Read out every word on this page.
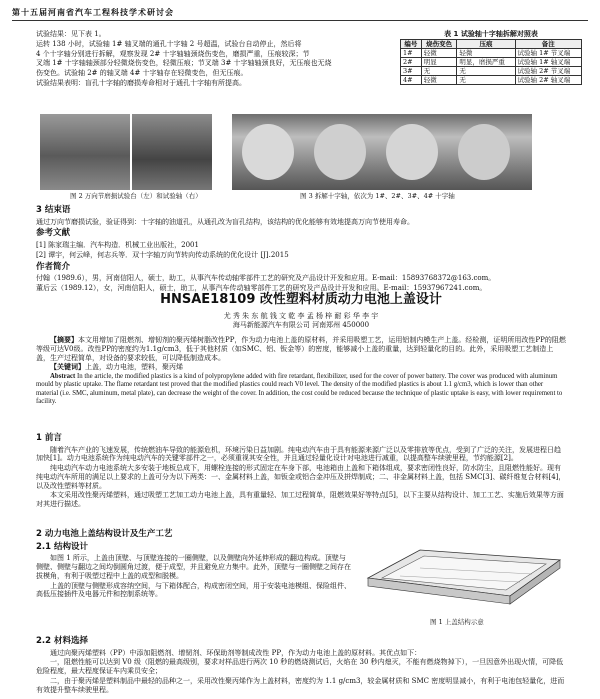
第十五届河南省汽车工程科技学术研讨会

试验结果：见下表 1。

运转 138 小时，试验轴 1# 轴叉端的通孔十字轴 2 号超温，试验台自动停止，然后将

4 个十字轴分别进行拆解，观察发现 2# 十字轴轴颈烧伤变色，磨损严重，压痕较深；节

叉端 1# 十字轴轴颈部分轻微烧伤变色，轻微压痕；节叉端 3# 十字轴轴颈良好，无压痕也无烧

伤变色。试验轴 2# 的轴叉端 4# 十字轴存在轻微变色，但无压痕。

试验结果表明：盲孔十字轴的磨损寿命相对于通孔十字轴有所提高。

表 1 试验轴十字轴拆解对照表
编号	烧伤变色	压痕	备注
1#	轻微	轻微	试验轴 1# 节叉端
2#	明显	明显，磨损严重	试验轴 1# 轴叉端
3#	无	无	试验轴 2# 节叉端
4#	轻微	无	试验轴 2# 轴叉端
图 2 万向节磨损试验台（左）和试验轴（右）	图 3 拆解十字轴，依次为 1#、2#、3#、4# 十字轴
3 结束语

通过万向节磨损试验，验证得到：十字轴的油道孔，从通孔改为盲孔结构，该结构的优化能够有效地提高万向节使用寿命。

参考文献

[1] 陈家瑞主编．汽车构造．机械工业出版社，2001

[2] 谭宇，何云峰，何志兵等．双十字轴万向节转向传动系统的优化设计 [J].2015

作者简介

付翰（1989.6），男，河南信阳人，硕士，助工，从事汽车传动轴零部件工艺的研究及产品设计开发和应用。E-mail：15893768372@163.com。

董后云（1989.12），女，河南信阳人，硕士，助工，从事汽车传动轴零部件工艺的研究及产品设计开发和应用。E-mail：15937967241.com。

HNSAE18109 改性塑料材质动力电池上盖设计
尤 秀 朱 东 航 钱 文 乾 李 孟 杨 梓 耐 彩 华 李 宇
海马新能源汽车有限公司 河南郑州 450000

【摘要】本文用增加了阻燃剂、增韧剂的聚丙烯树脂改性PP，作为动力电池上盖的原材料，并采用吸塑工艺，运用铝制内模生产上盖。经检测，证明所用改性PP的阻燃等级可达V0级。改性PP的密度约为1.1g/cm3，低于其他材质（如SMC、铝、钣金等）的密度，能够减小上盖的重量，达到轻量化的目的。此外，采用吸塑工艺制造上盖，生产过程简单，对设备的要求较低，可以降低制造成本。

【关键词】上盖，动力电池，塑料，聚丙烯

Abstract In the article, the modified plastics is a kind of polypropylene added with fire retardant, flexibilizer, used for the cover of power battery. The cover was produced with aluminum mould by plastic uptake. The flame retardant test proved that the modified plastics could reach V0 level. The density of the modified plastics is about 1.1 g/cm3, which is lower than other material (i.e. SMC, aluminum, metal plate), can decrease the weight of the cover. In addition, the cost could be reduced because the technique of plastic uptake is easy, with lower requirement to facility.

1 前言

随着汽车产业的飞速发展，传统燃油车导致的能源危机，环境污染日益加剧。纯电动汽车由于具有能源来源广泛以及零排放等优点，受到了广泛的关注，发展进程日趋加快[1]。动力电池系统作为纯电动汽车的关键零部件之一，必须重视其安全性，并且通过轻量化设计对电池进行减重，以提高整车续驶里程，节约能源[2]。

纯电动汽车动力电池系统大多安装于地板总成下，用螺栓连接的形式固定在车身下部，电池箱由上盖和下箱体组成，要求密闭性良好，防水防尘，且阻燃性能好。现有纯电动汽车所用的满足以上要求的上盖可分为以下两类：一、金属材料上盖，如钣金或铝合金冲压及拼焊制成；二、非金属材料上盖，包括 SMC[3]、碳纤维复合材料[4]，以及改性塑料等材质。

本文采用改性聚丙烯塑料，通过吸塑工艺加工动力电池上盖，具有重量轻、加工过程简单，阻燃效果好等特点[5]，以下主要从结构设计、加工工艺、实施后效果等方面对其进行描述。

2 动力电池上盖结构设计及生产工艺
2.1 结构设计

如图 1 所示，上盖由顶壁、与顶壁连接的一圈侧壁，以及侧壁向外延伸形成的翻边构成。顶壁与侧壁、侧壁与翻边之间均倒圆角过渡，便于成型，并且避免应力集中。此外，顶壁与一圈侧壁之间存在拔模角，有利于吸塑过程中上盖的成型和脱模。

上盖的顶壁与侧壁形成容纳空间，与下箱体配合，构成密闭空间，用于安装电池模组、保险组件、高低压接插件及电器元件和控制系统等。

图 1 上盖结构示意
2.2 材料选择

通过向聚丙烯塑料（PP）中添加阻燃剂、增韧剂、环保助剂等制成改性 PP，作为动力电池上盖的原材料。其优点如下：

一，阻燃性能可以达到 V0 级（阻燃的最高级别，要求对样品进行两次 10 秒的燃烧测试后，火焰在 30 秒内熄灭，不能有燃烧物掉下），一旦因意外出现火情，可降低危险程度，最大程度保证车内乘员安全；

二，由于聚丙烯是塑料制品中最轻的品种之一，采用改性聚丙烯作为上盖材料，密度约为 1.1 g/cm3，较金属材质和 SMC 密度明显减小，有利于电池包轻量化，进而有效提升整车续驶里程。
